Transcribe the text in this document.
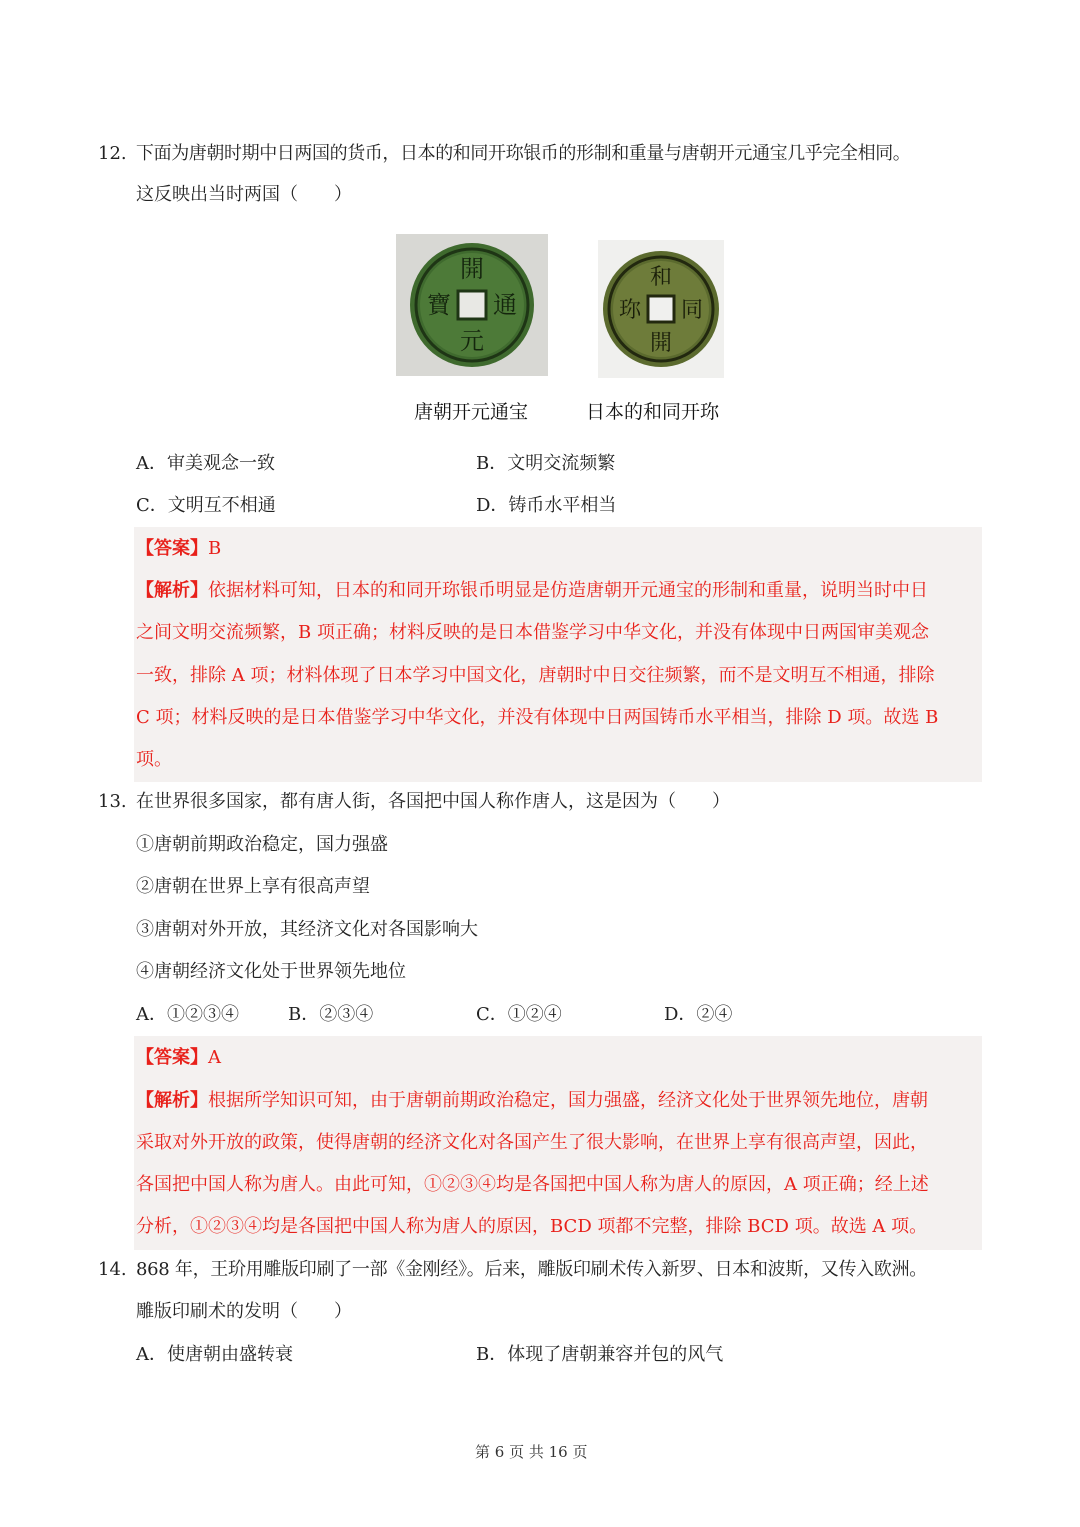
12. 下面为唐朝时期中日两国的货币，日本的和同开珎银币的形制和重量与唐朝开元通宝几乎完全相同。
这反映出当时两国（　　）
開
通
元
寶
和
同
開
珎
唐朝开元通宝	日本的和同开珎
A．审美观念一致	B．文明交流频繁
C．文明互不相通	D．铸币水平相当
【答案】B
【解析】依据材料可知，日本的和同开珎银币明显是仿造唐朝开元通宝的形制和重量，说明当时中日
之间文明交流频繁，B 项正确；材料反映的是日本借鉴学习中华文化，并没有体现中日两国审美观念
一致，排除 A 项；材料体现了日本学习中国文化，唐朝时中日交往频繁，而不是文明互不相通，排除
C 项；材料反映的是日本借鉴学习中华文化，并没有体现中日两国铸币水平相当，排除 D 项。故选 B
项。
13. 在世界很多国家，都有唐人街，各国把中国人称作唐人，这是因为（　　）
①唐朝前期政治稳定，国力强盛
②唐朝在世界上享有很高声望
③唐朝对外开放，其经济文化对各国影响大
④唐朝经济文化处于世界领先地位
A．①②③④	B．②③④	C．①②④	D．②④
【答案】A
【解析】根据所学知识可知，由于唐朝前期政治稳定，国力强盛，经济文化处于世界领先地位，唐朝
采取对外开放的政策，使得唐朝的经济文化对各国产生了很大影响，在世界上享有很高声望，因此，
各国把中国人称为唐人。由此可知，①②③④均是各国把中国人称为唐人的原因，A 项正确；经上述
分析，①②③④均是各国把中国人称为唐人的原因，BCD 项都不完整，排除 BCD 项。故选 A 项。
14. 868 年，王玠用雕版印刷了一部《金刚经》。后来，雕版印刷术传入新罗、日本和波斯，又传入欧洲。
雕版印刷术的发明（　　）
A．使唐朝由盛转衰	B．体现了唐朝兼容并包的风气
第 6 页 共 16 页
